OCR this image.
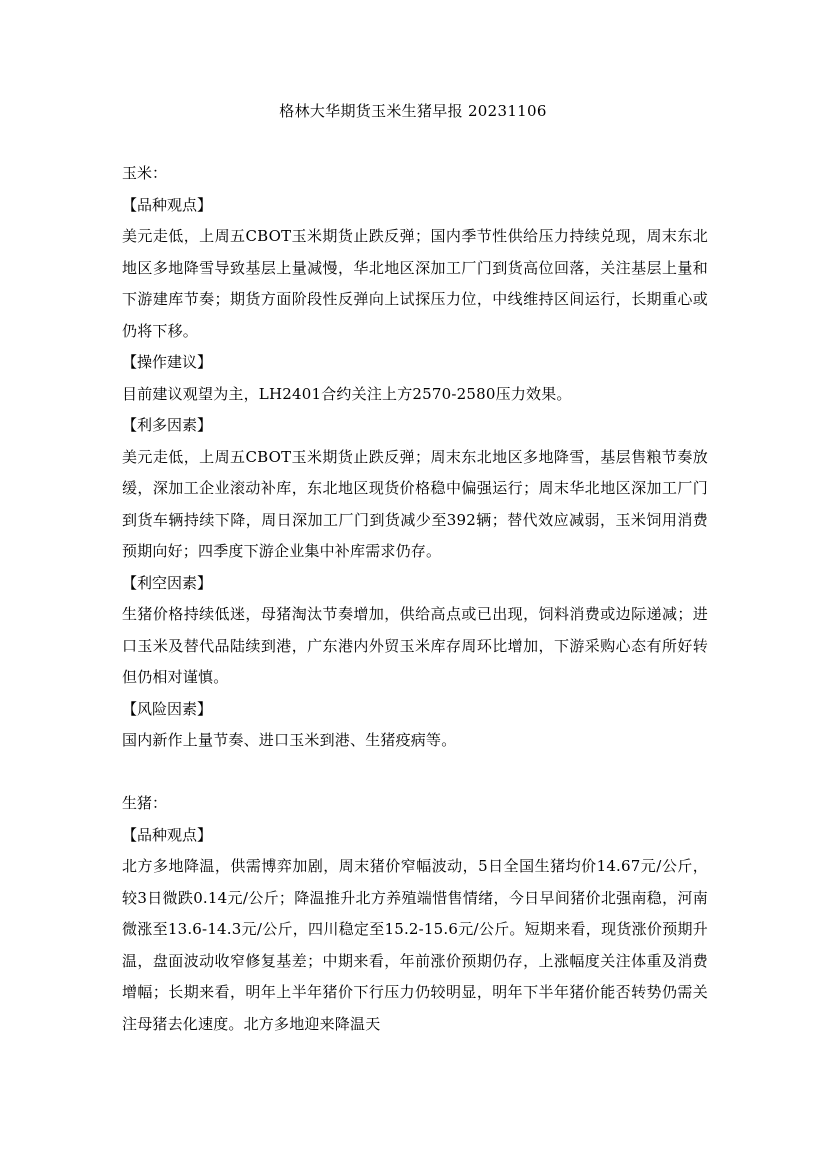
格林大华期货玉米生猪早报 20231106

玉米：

【品种观点】

美元走低，上周五CBOT玉米期货止跌反弹；国内季节性供给压力持续兑现，周末东北地区多地降雪导致基层上量减慢，华北地区深加工厂门到货高位回落，关注基层上量和下游建库节奏；期货方面阶段性反弹向上试探压力位，中线维持区间运行，长期重心或仍将下移。

【操作建议】

目前建议观望为主，LH2401合约关注上方2570-2580压力效果。

【利多因素】

美元走低，上周五CBOT玉米期货止跌反弹；周末东北地区多地降雪，基层售粮节奏放缓，深加工企业滚动补库，东北地区现货价格稳中偏强运行；周末华北地区深加工厂门到货车辆持续下降，周日深加工厂门到货减少至392辆；替代效应减弱，玉米饲用消费预期向好；四季度下游企业集中补库需求仍存。

【利空因素】

生猪价格持续低迷，母猪淘汰节奏增加，供给高点或已出现，饲料消费或边际递减；进口玉米及替代品陆续到港，广东港内外贸玉米库存周环比增加，下游采购心态有所好转但仍相对谨慎。

【风险因素】

国内新作上量节奏、进口玉米到港、生猪疫病等。

生猪：

【品种观点】

北方多地降温，供需博弈加剧，周末猪价窄幅波动，5日全国生猪均价14.67元/公斤，较3日微跌0.14元/公斤；降温推升北方养殖端惜售情绪，今日早间猪价北强南稳，河南微涨至13.6-14.3元/公斤，四川稳定至15.2-15.6元/公斤。短期来看，现货涨价预期升温，盘面波动收窄修复基差；中期来看，年前涨价预期仍存，上涨幅度关注体重及消费增幅；长期来看，明年上半年猪价下行压力仍较明显，明年下半年猪价能否转势仍需关注母猪去化速度。北方多地迎来降温天
